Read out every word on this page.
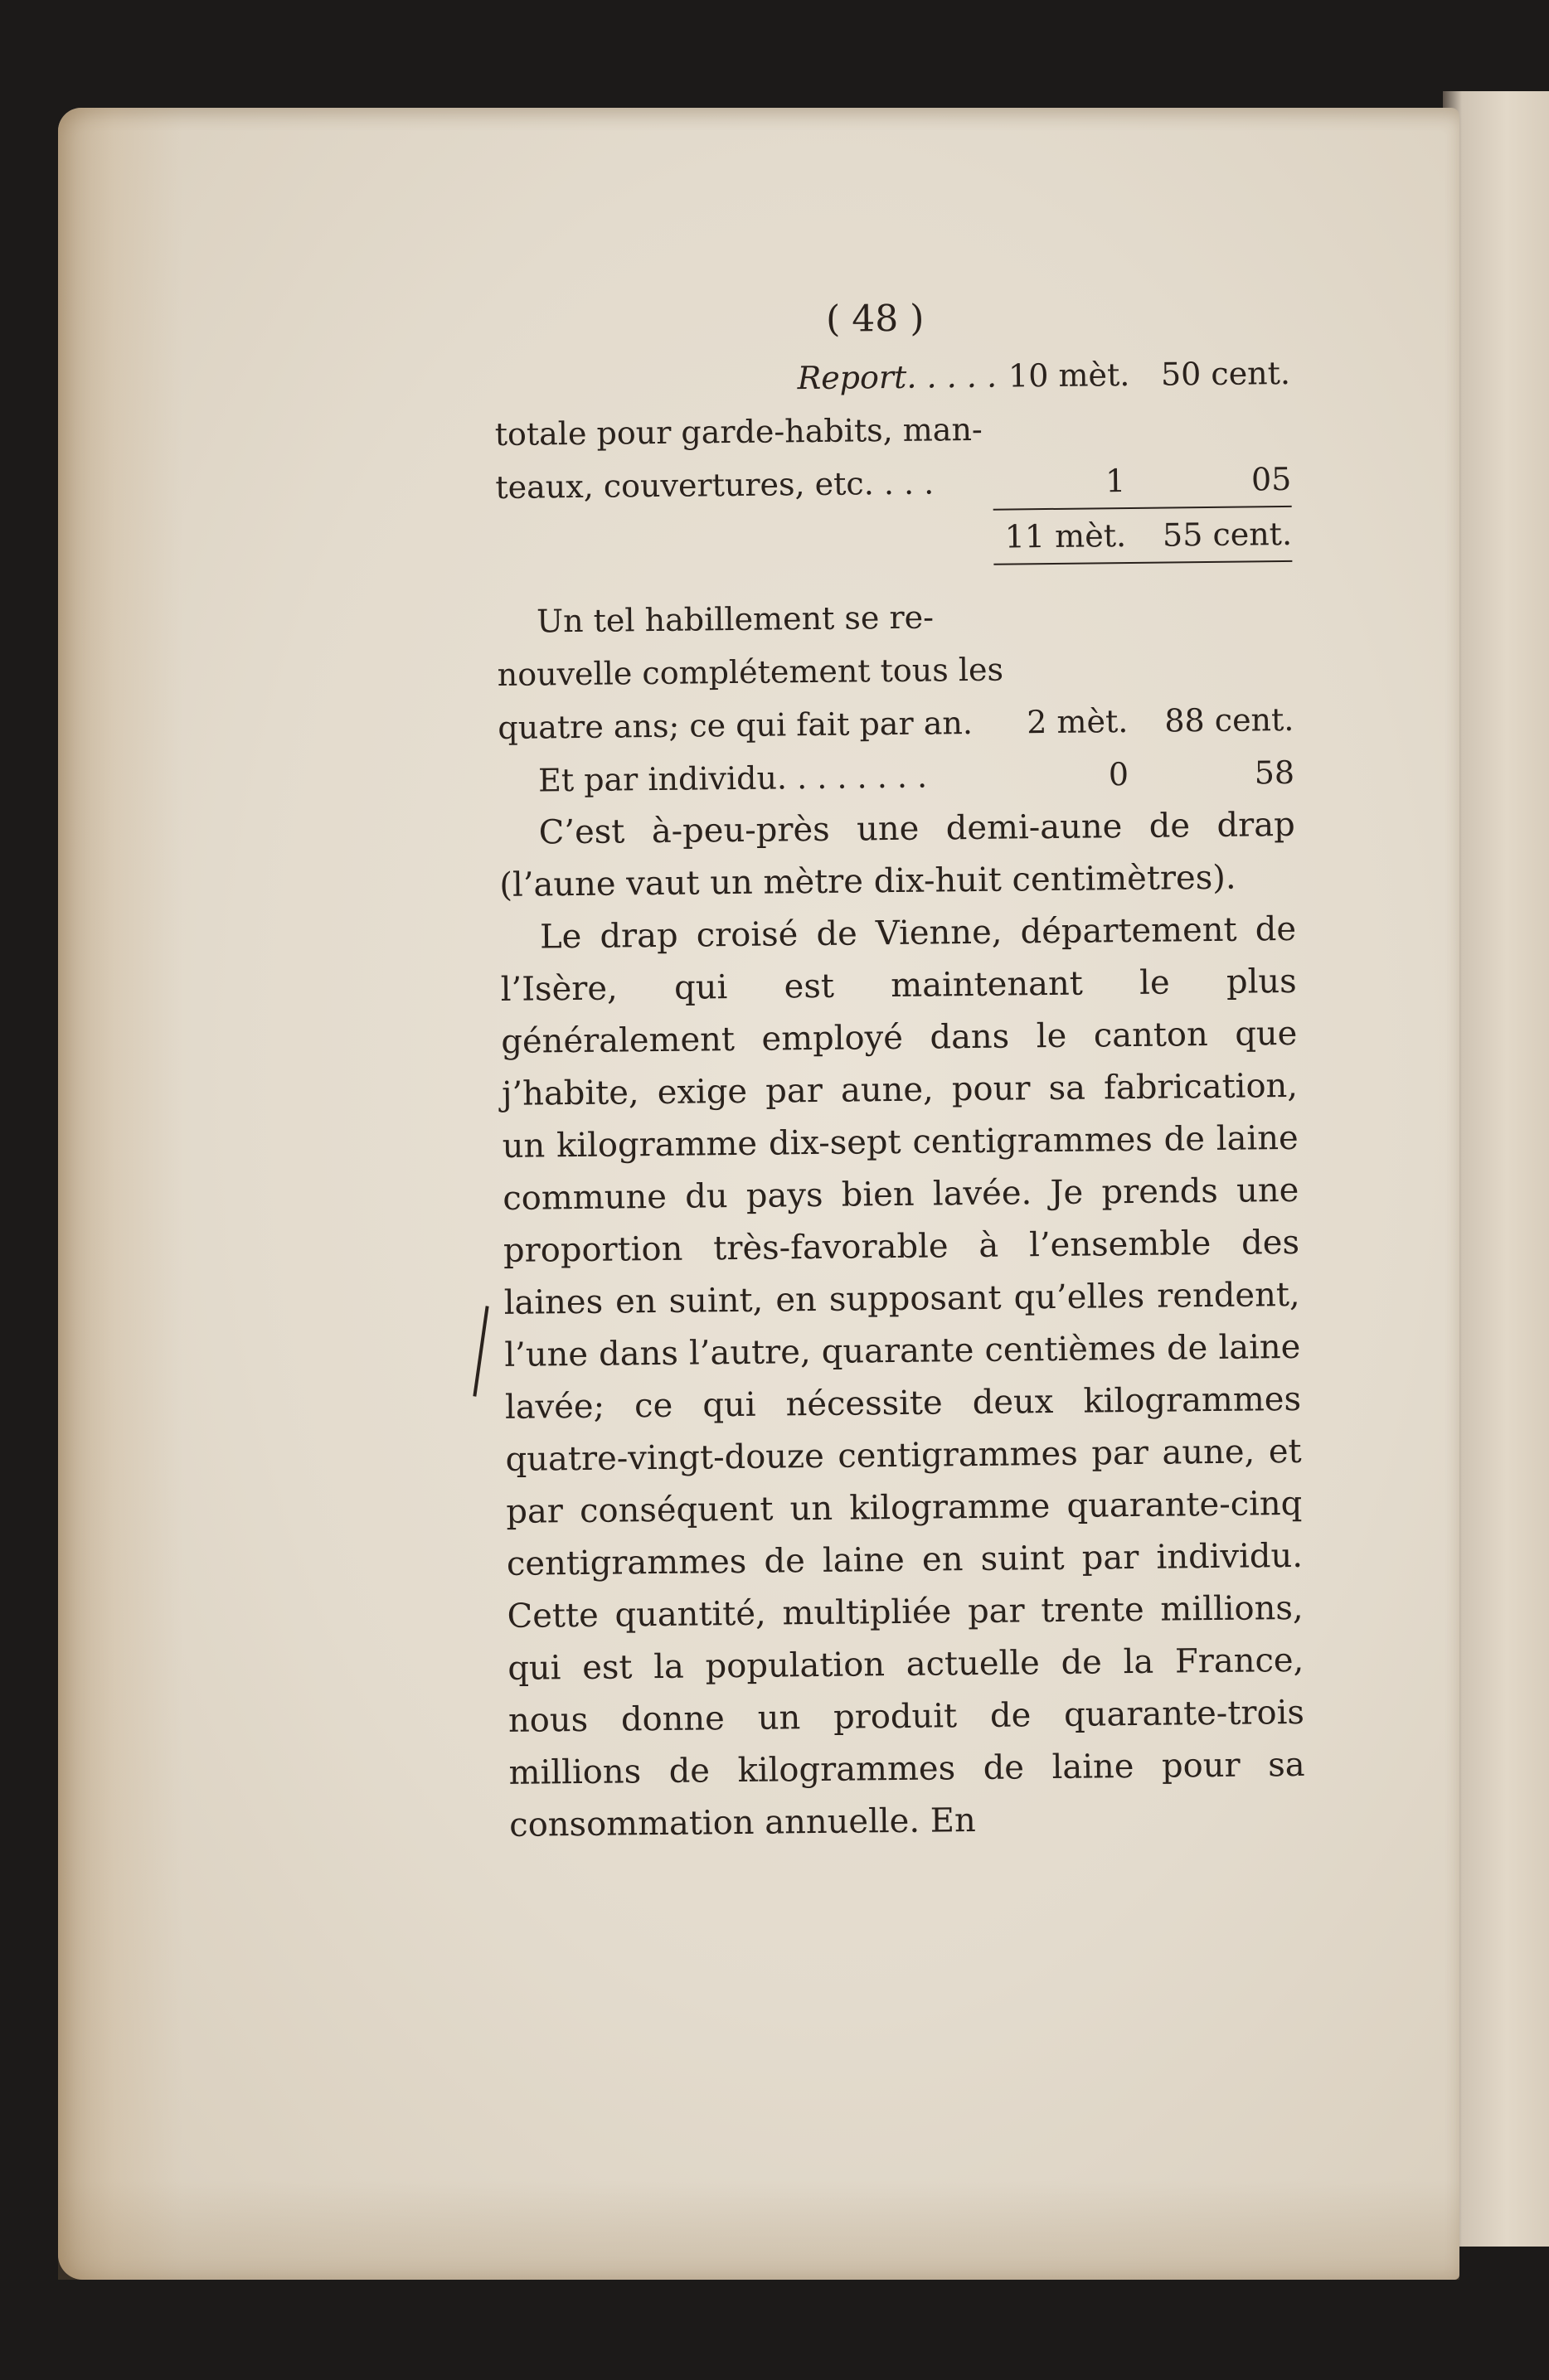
( 48 )
Report. . . . . 10 mèt. 50 cent.
totale pour garde-habits, man-
teaux, couvertures, etc. . . .	1	05
11 mèt.	55 cent.
Un tel habillement se re-
nouvelle complétement tous les
quatre ans; ce qui fait par an.	2 mèt.	88 cent.
Et par individu. . . . . . . .	0	58

C’est à-peu-près une demi-aune de drap (l’aune vaut un mètre dix-huit centimètres).

Le drap croisé de Vienne, département de l’Isère, qui est maintenant le plus généralement employé dans le canton que j’habite, exige par aune, pour sa fabrication, un kilogramme dix-sept centigrammes de laine commune du pays bien lavée. Je prends une proportion très-favorable à l’ensemble des laines en suint, en supposant qu’elles rendent, l’une dans l’autre, quarante centièmes de laine lavée; ce qui nécessite deux kilogrammes quatre-vingt-douze centigrammes par aune, et par conséquent un kilogramme quarante-cinq centigrammes de laine en suint par individu. Cette quantité, multipliée par trente millions, qui est la population actuelle de la France, nous donne un produit de quarante-trois millions de kilogrammes de laine pour sa consommation annuelle. En
